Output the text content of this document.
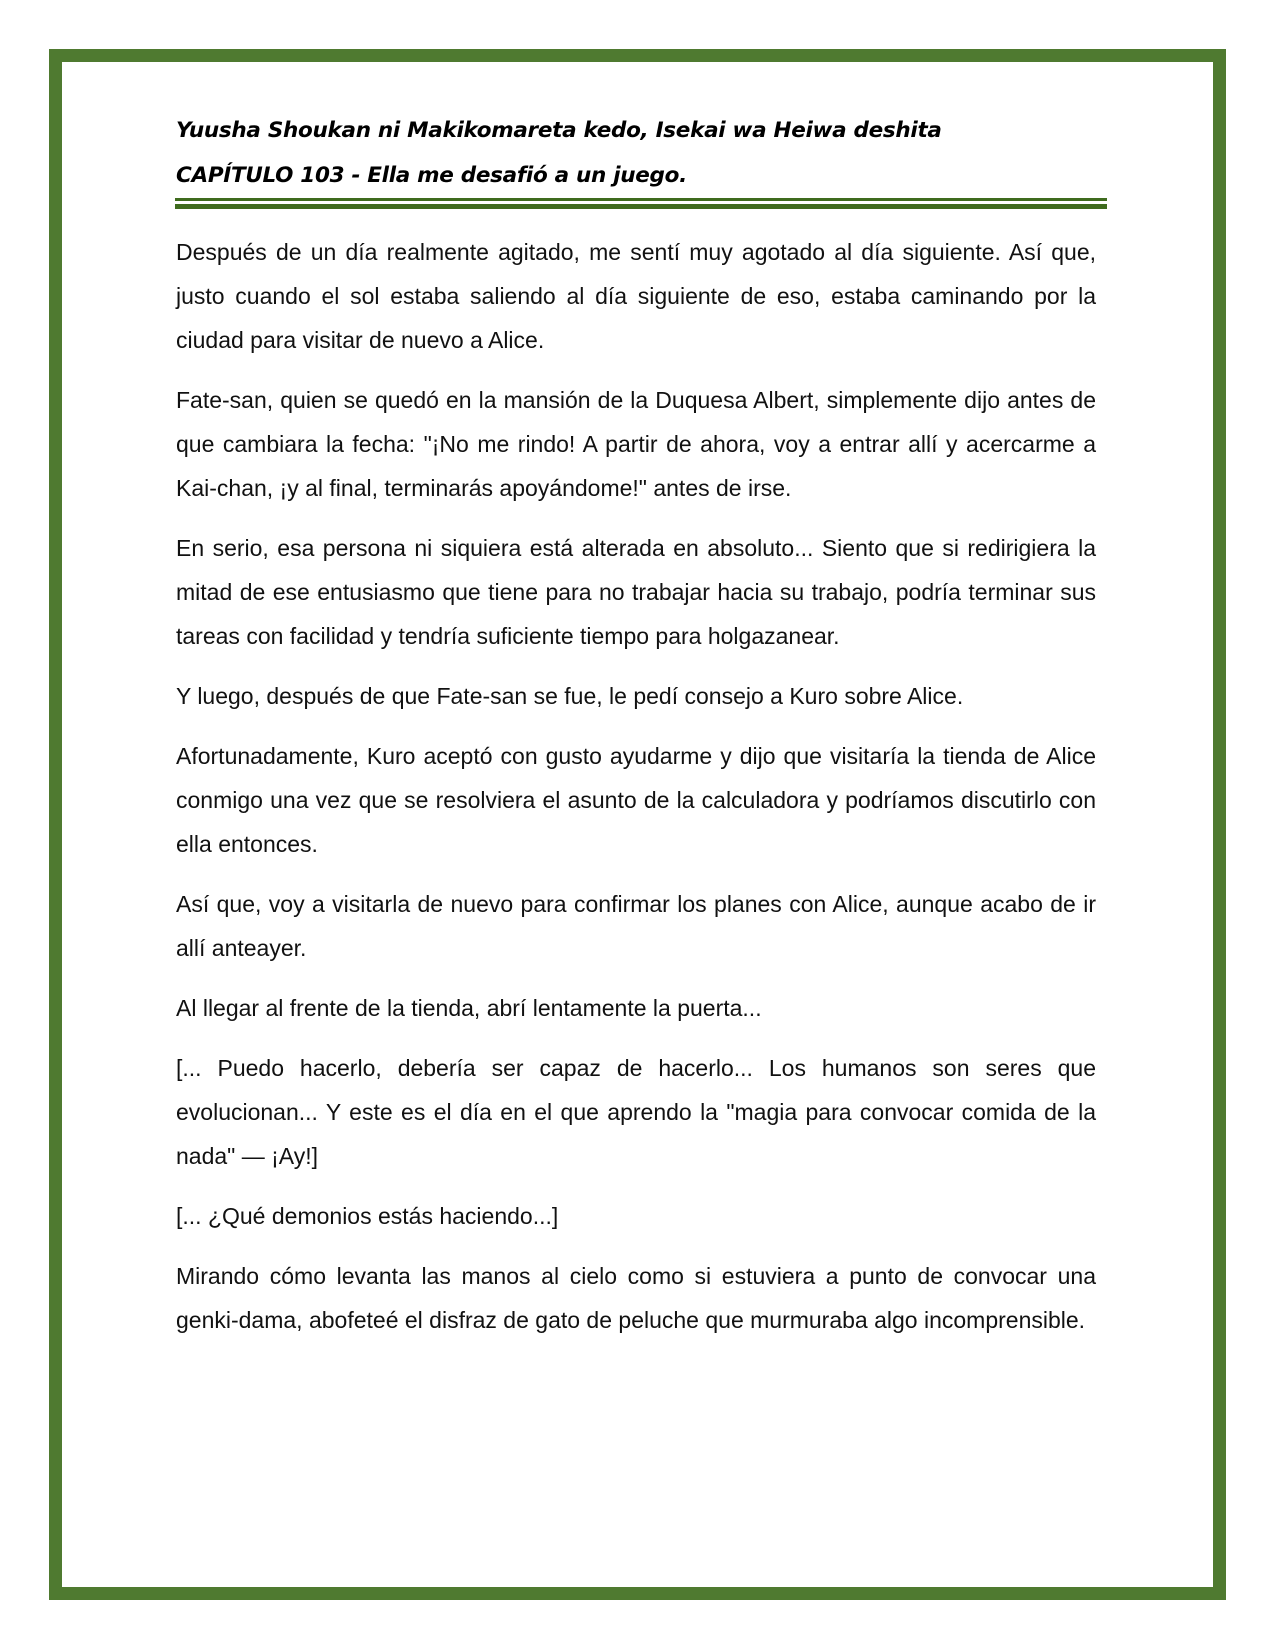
Yuusha Shoukan ni Makikomareta kedo, Isekai wa Heiwa deshita
CAPÍTULO 103 - Ella me desafió a un juego.

Después de un día realmente agitado, me sentí muy agotado al día siguiente. Así que, justo cuando el sol estaba saliendo al día siguiente de eso, estaba caminando por la ciudad para visitar de nuevo a Alice.

Fate-san, quien se quedó en la mansión de la Duquesa Albert, simplemente dijo antes de que cambiara la fecha: "¡No me rindo! A partir de ahora, voy a entrar allí y acercarme a Kai-chan, ¡y al final, terminarás apoyándome!" antes de irse.

En serio, esa persona ni siquiera está alterada en absoluto... Siento que si redirigiera la mitad de ese entusiasmo que tiene para no trabajar hacia su trabajo, podría terminar sus tareas con facilidad y tendría suficiente tiempo para holgazanear.

Y luego, después de que Fate-san se fue, le pedí consejo a Kuro sobre Alice.

Afortunadamente, Kuro aceptó con gusto ayudarme y dijo que visitaría la tienda de Alice conmigo una vez que se resolviera el asunto de la calculadora y podríamos discutirlo con ella entonces.

Así que, voy a visitarla de nuevo para confirmar los planes con Alice, aunque acabo de ir allí anteayer.

Al llegar al frente de la tienda, abrí lentamente la puerta...

[... Puedo hacerlo, debería ser capaz de hacerlo... Los humanos son seres que evolucionan... Y este es el día en el que aprendo la "magia para convocar comida de la nada" — ¡Ay!]

[... ¿Qué demonios estás haciendo...]

Mirando cómo levanta las manos al cielo como si estuviera a punto de convocar una genki-dama, abofeteé el disfraz de gato de peluche que murmuraba algo incomprensible.
